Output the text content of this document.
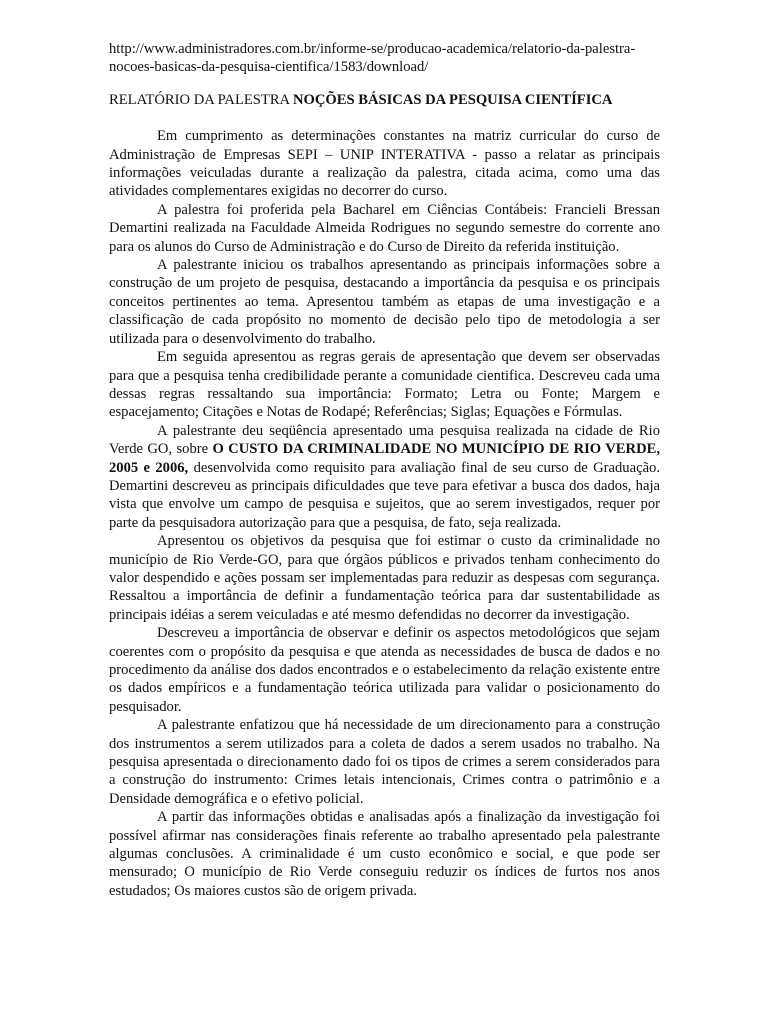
http://www.administradores.com.br/informe-se/producao-academica/relatorio-da-palestra-nocoes-basicas-da-pesquisa-cientifica/1583/download/

RELATÓRIO DA PALESTRA NOÇÕES BÁSICAS DA PESQUISA CIENTÍFICA

Em cumprimento as determinações constantes na matriz curricular do curso de Administração de Empresas SEPI – UNIP INTERATIVA - passo a relatar as principais informações veiculadas durante a realização da palestra, citada acima, como uma das atividades complementares exigidas no decorrer do curso.

A palestra foi proferida pela Bacharel em Ciências Contábeis: Francieli Bressan Demartini realizada na Faculdade Almeida Rodrigues no segundo semestre do corrente ano para os alunos do Curso de Administração e do Curso de Direito da referida instituição.

A palestrante iniciou os trabalhos apresentando as principais informações sobre a construção de um projeto de pesquisa, destacando a importância da pesquisa e os principais conceitos pertinentes ao tema. Apresentou também as etapas de uma investigação e a classificação de cada propósito no momento de decisão pelo tipo de metodologia a ser utilizada para o desenvolvimento do trabalho.

Em seguida apresentou as regras gerais de apresentação que devem ser observadas para que a pesquisa tenha credibilidade perante a comunidade cientifica. Descreveu cada uma dessas regras ressaltando sua importância: Formato; Letra ou Fonte; Margem e espacejamento; Citações e Notas de Rodapé; Referências; Siglas; Equações e Fórmulas.

A palestrante deu seqüência apresentado uma pesquisa realizada na cidade de Rio Verde GO, sobre O CUSTO DA CRIMINALIDADE NO MUNICÍPIO DE RIO VERDE, 2005 e 2006, desenvolvida como requisito para avaliação final de seu curso de Graduação. Demartini descreveu as principais dificuldades que teve para efetivar a busca dos dados, haja vista que envolve um campo de pesquisa e sujeitos, que ao serem investigados, requer por parte da pesquisadora autorização para que a pesquisa, de fato, seja realizada.

Apresentou os objetivos da pesquisa que foi estimar o custo da criminalidade no município de Rio Verde-GO, para que órgãos públicos e privados tenham conhecimento do valor despendido e ações possam ser implementadas para reduzir as despesas com segurança. Ressaltou a importância de definir a fundamentação teórica para dar sustentabilidade as principais idéias a serem veiculadas e até mesmo defendidas no decorrer da investigação.

Descreveu a importância de observar e definir os aspectos metodológicos que sejam coerentes com o propósito da pesquisa e que atenda as necessidades de busca de dados e no procedimento da análise dos dados encontrados e o estabelecimento da relação existente entre os dados empíricos e a fundamentação teórica utilizada para validar o posicionamento do pesquisador.

A palestrante enfatizou que há necessidade de um direcionamento para a construção dos instrumentos a serem utilizados para a coleta de dados a serem usados no trabalho. Na pesquisa apresentada o direcionamento dado foi os tipos de crimes a serem considerados para a construção do instrumento: Crimes letais intencionais, Crimes contra o patrimônio e a Densidade demográfica e o efetivo policial.

A partir das informações obtidas e analisadas após a finalização da investigação foi possível afirmar nas considerações finais referente ao trabalho apresentado pela palestrante algumas conclusões. A criminalidade é um custo econômico e social, e que pode ser mensurado; O município de Rio Verde conseguiu reduzir os índices de furtos nos anos estudados; Os maiores custos são de origem privada.
